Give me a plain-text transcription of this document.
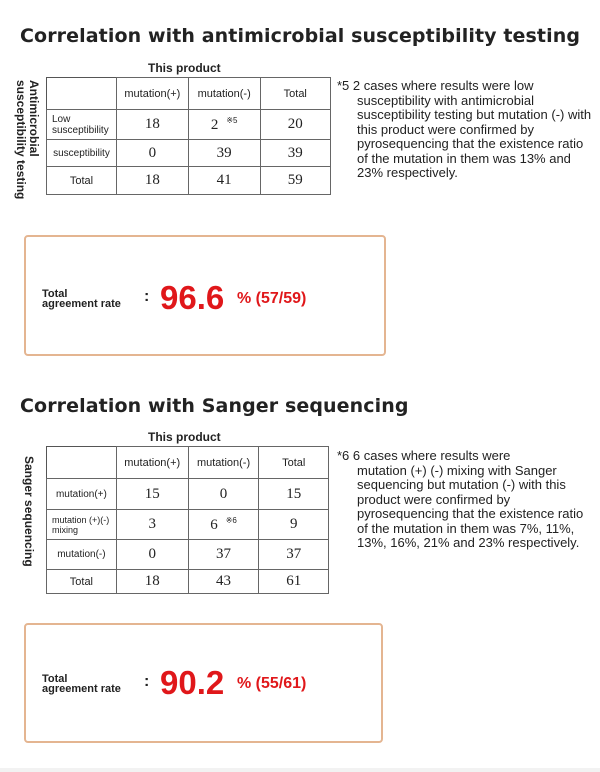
Correlation with antimicrobial susceptibility testing
This product
Antimicrobial susceptibility testing
		mutation(+)	mutation(-)	Total
Low susceptibility	18	2 $^{※5}$	20
susceptibility	0	39	39
Total	18	41	59
*5 2 cases where results were low
susceptibility with antimicrobial susceptibility testing but mutation (-) with this product were confirmed by pyrosequencing that the existence ratio of the mutation in them was 13% and 23% respectively.
Total
agreement rate : 96.6 % (57/59)
Correlation with Sanger sequencing
This product
Sanger sequencing
		mutation(+)	mutation(-)	Total
mutation(+)	15	0	15

mutation (+)(-)
mixing	3	6 $^{※6}$	9
mutation(-)	0	37	37
Total	18	43	61
*6 6 cases where results were
mutation (+) (-) mixing with Sanger sequencing but mutation (-) with this product were confirmed by pyrosequencing that the existence ratio of the mutation in them was 7%, 11%, 13%, 16%, 21% and 23% respectively.
Total
agreement rate : 90.2 % (55/61)
